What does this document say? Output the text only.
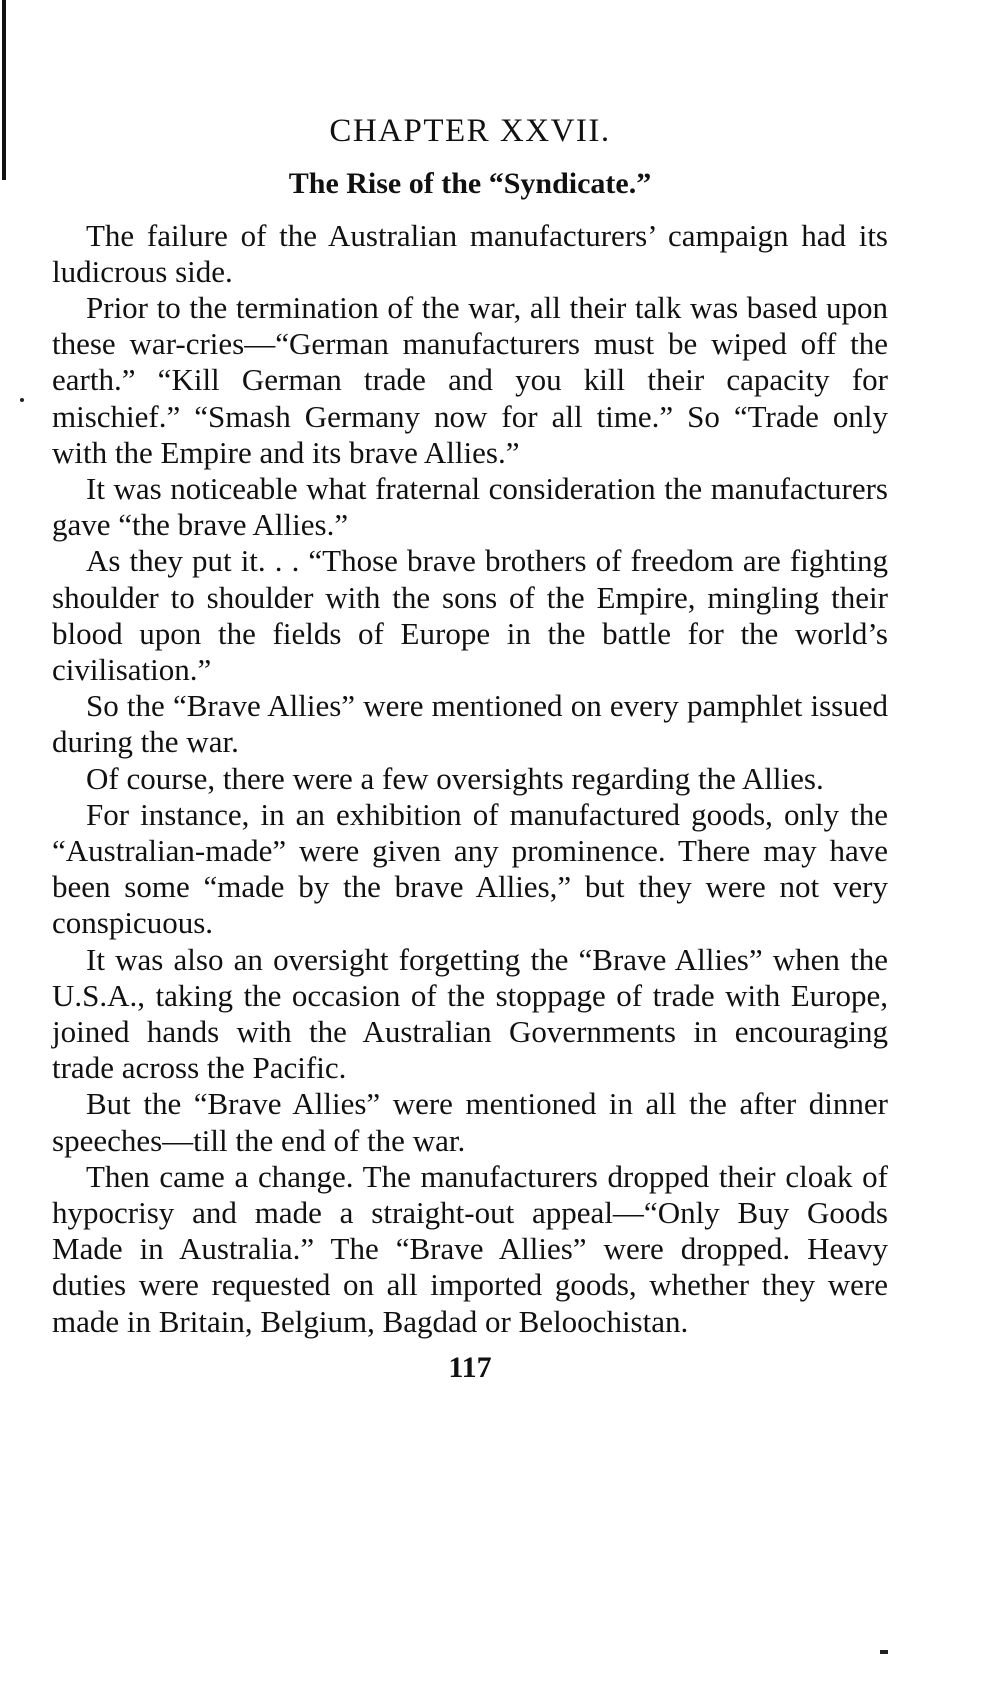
CHAPTER XXVII.
The Rise of the “Syndicate.”

The failure of the Australian manufacturers’ campaign had its ludicrous side.

Prior to the termination of the war, all their talk was based upon these war-cries—“German manufacturers must be wiped off the earth.” “Kill German trade and you kill their capacity for mischief.” “Smash Germany now for all time.” So “Trade only with the Empire and its brave Allies.”

It was noticeable what fraternal consideration the manufacturers gave “the brave Allies.”

As they put it. . . “Those brave brothers of freedom are fighting shoulder to shoulder with the sons of the Empire, mingling their blood upon the fields of Europe in the battle for the world’s civilisation.”

So the “Brave Allies” were mentioned on every pamphlet issued during the war.

Of course, there were a few oversights regarding the Allies.

For instance, in an exhibition of manufactured goods, only the “Australian-made” were given any prominence. There may have been some “made by the brave Allies,” but they were not very conspicuous.

It was also an oversight forgetting the “Brave Allies” when the U.S.A., taking the occasion of the stoppage of trade with Europe, joined hands with the Australian Governments in encouraging trade across the Pacific.

But the “Brave Allies” were mentioned in all the after dinner speeches—till the end of the war.

Then came a change. The manufacturers dropped their cloak of hypocrisy and made a straight-out appeal—“Only Buy Goods Made in Australia.” The “Brave Allies” were dropped. Heavy duties were requested on all imported goods, whether they were made in Britain, Belgium, Bagdad or Beloochistan.

117
